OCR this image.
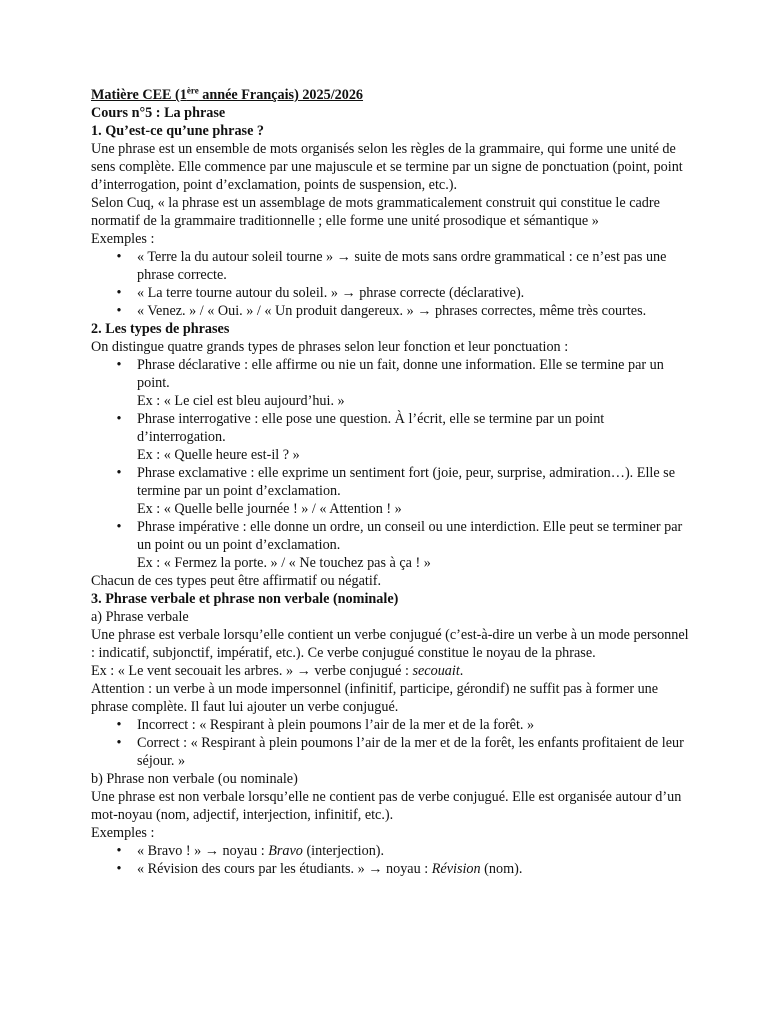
Matière CEE (1ère année Français) 2025/2026

Cours n°5 : La phrase

1. Qu’est-ce qu’une phrase ?

Une phrase est un ensemble de mots organisés selon les règles de la grammaire, qui forme une unité de sens complète. Elle commence par une majuscule et se termine par un signe de ponctuation (point, point d’interrogation, point d’exclamation, points de suspension, etc.).

Selon Cuq, « la phrase est un assemblage de mots grammaticalement construit qui constitue le cadre normatif de la grammaire traditionnelle ; elle forme une unité prosodique et sémantique »

Exemples :

• « Terre la du autour soleil tourne » → suite de mots sans ordre grammatical : ce n’est pas une phrase correcte.
• « La terre tourne autour du soleil. » → phrase correcte (déclarative).
• « Venez. » / « Oui. » / « Un produit dangereux. » → phrases correctes, même très courtes.

2. Les types de phrases

On distingue quatre grands types de phrases selon leur fonction et leur ponctuation :

• Phrase déclarative : elle affirme ou nie un fait, donne une information. Elle se termine par un point.
Ex : « Le ciel est bleu aujourd’hui. »
• Phrase interrogative : elle pose une question. À l’écrit, elle se termine par un point d’interrogation.
Ex : « Quelle heure est-il ? »
• Phrase exclamative : elle exprime un sentiment fort (joie, peur, surprise, admiration…). Elle se termine par un point d’exclamation.
Ex : « Quelle belle journée ! » / « Attention ! »
• Phrase impérative : elle donne un ordre, un conseil ou une interdiction. Elle peut se terminer par un point ou un point d’exclamation.
Ex : « Fermez la porte. » / « Ne touchez pas à ça ! »

Chacun de ces types peut être affirmatif ou négatif.

3. Phrase verbale et phrase non verbale (nominale)

a) Phrase verbale

Une phrase est verbale lorsqu’elle contient un verbe conjugué (c’est-à-dire un verbe à un mode personnel : indicatif, subjonctif, impératif, etc.). Ce verbe conjugué constitue le noyau de la phrase.

Ex : « Le vent secouait les arbres. » → verbe conjugué : secouait.

Attention : un verbe à un mode impersonnel (infinitif, participe, gérondif) ne suffit pas à former une phrase complète. Il faut lui ajouter un verbe conjugué.

• Incorrect : « Respirant à plein poumons l’air de la mer et de la forêt. »
• Correct : « Respirant à plein poumons l’air de la mer et de la forêt, les enfants profitaient de leur séjour. »

b) Phrase non verbale (ou nominale)

Une phrase est non verbale lorsqu’elle ne contient pas de verbe conjugué. Elle est organisée autour d’un mot-noyau (nom, adjectif, interjection, infinitif, etc.).

Exemples :

• « Bravo ! » → noyau : Bravo (interjection).
• « Révision des cours par les étudiants. » → noyau : Révision (nom).
